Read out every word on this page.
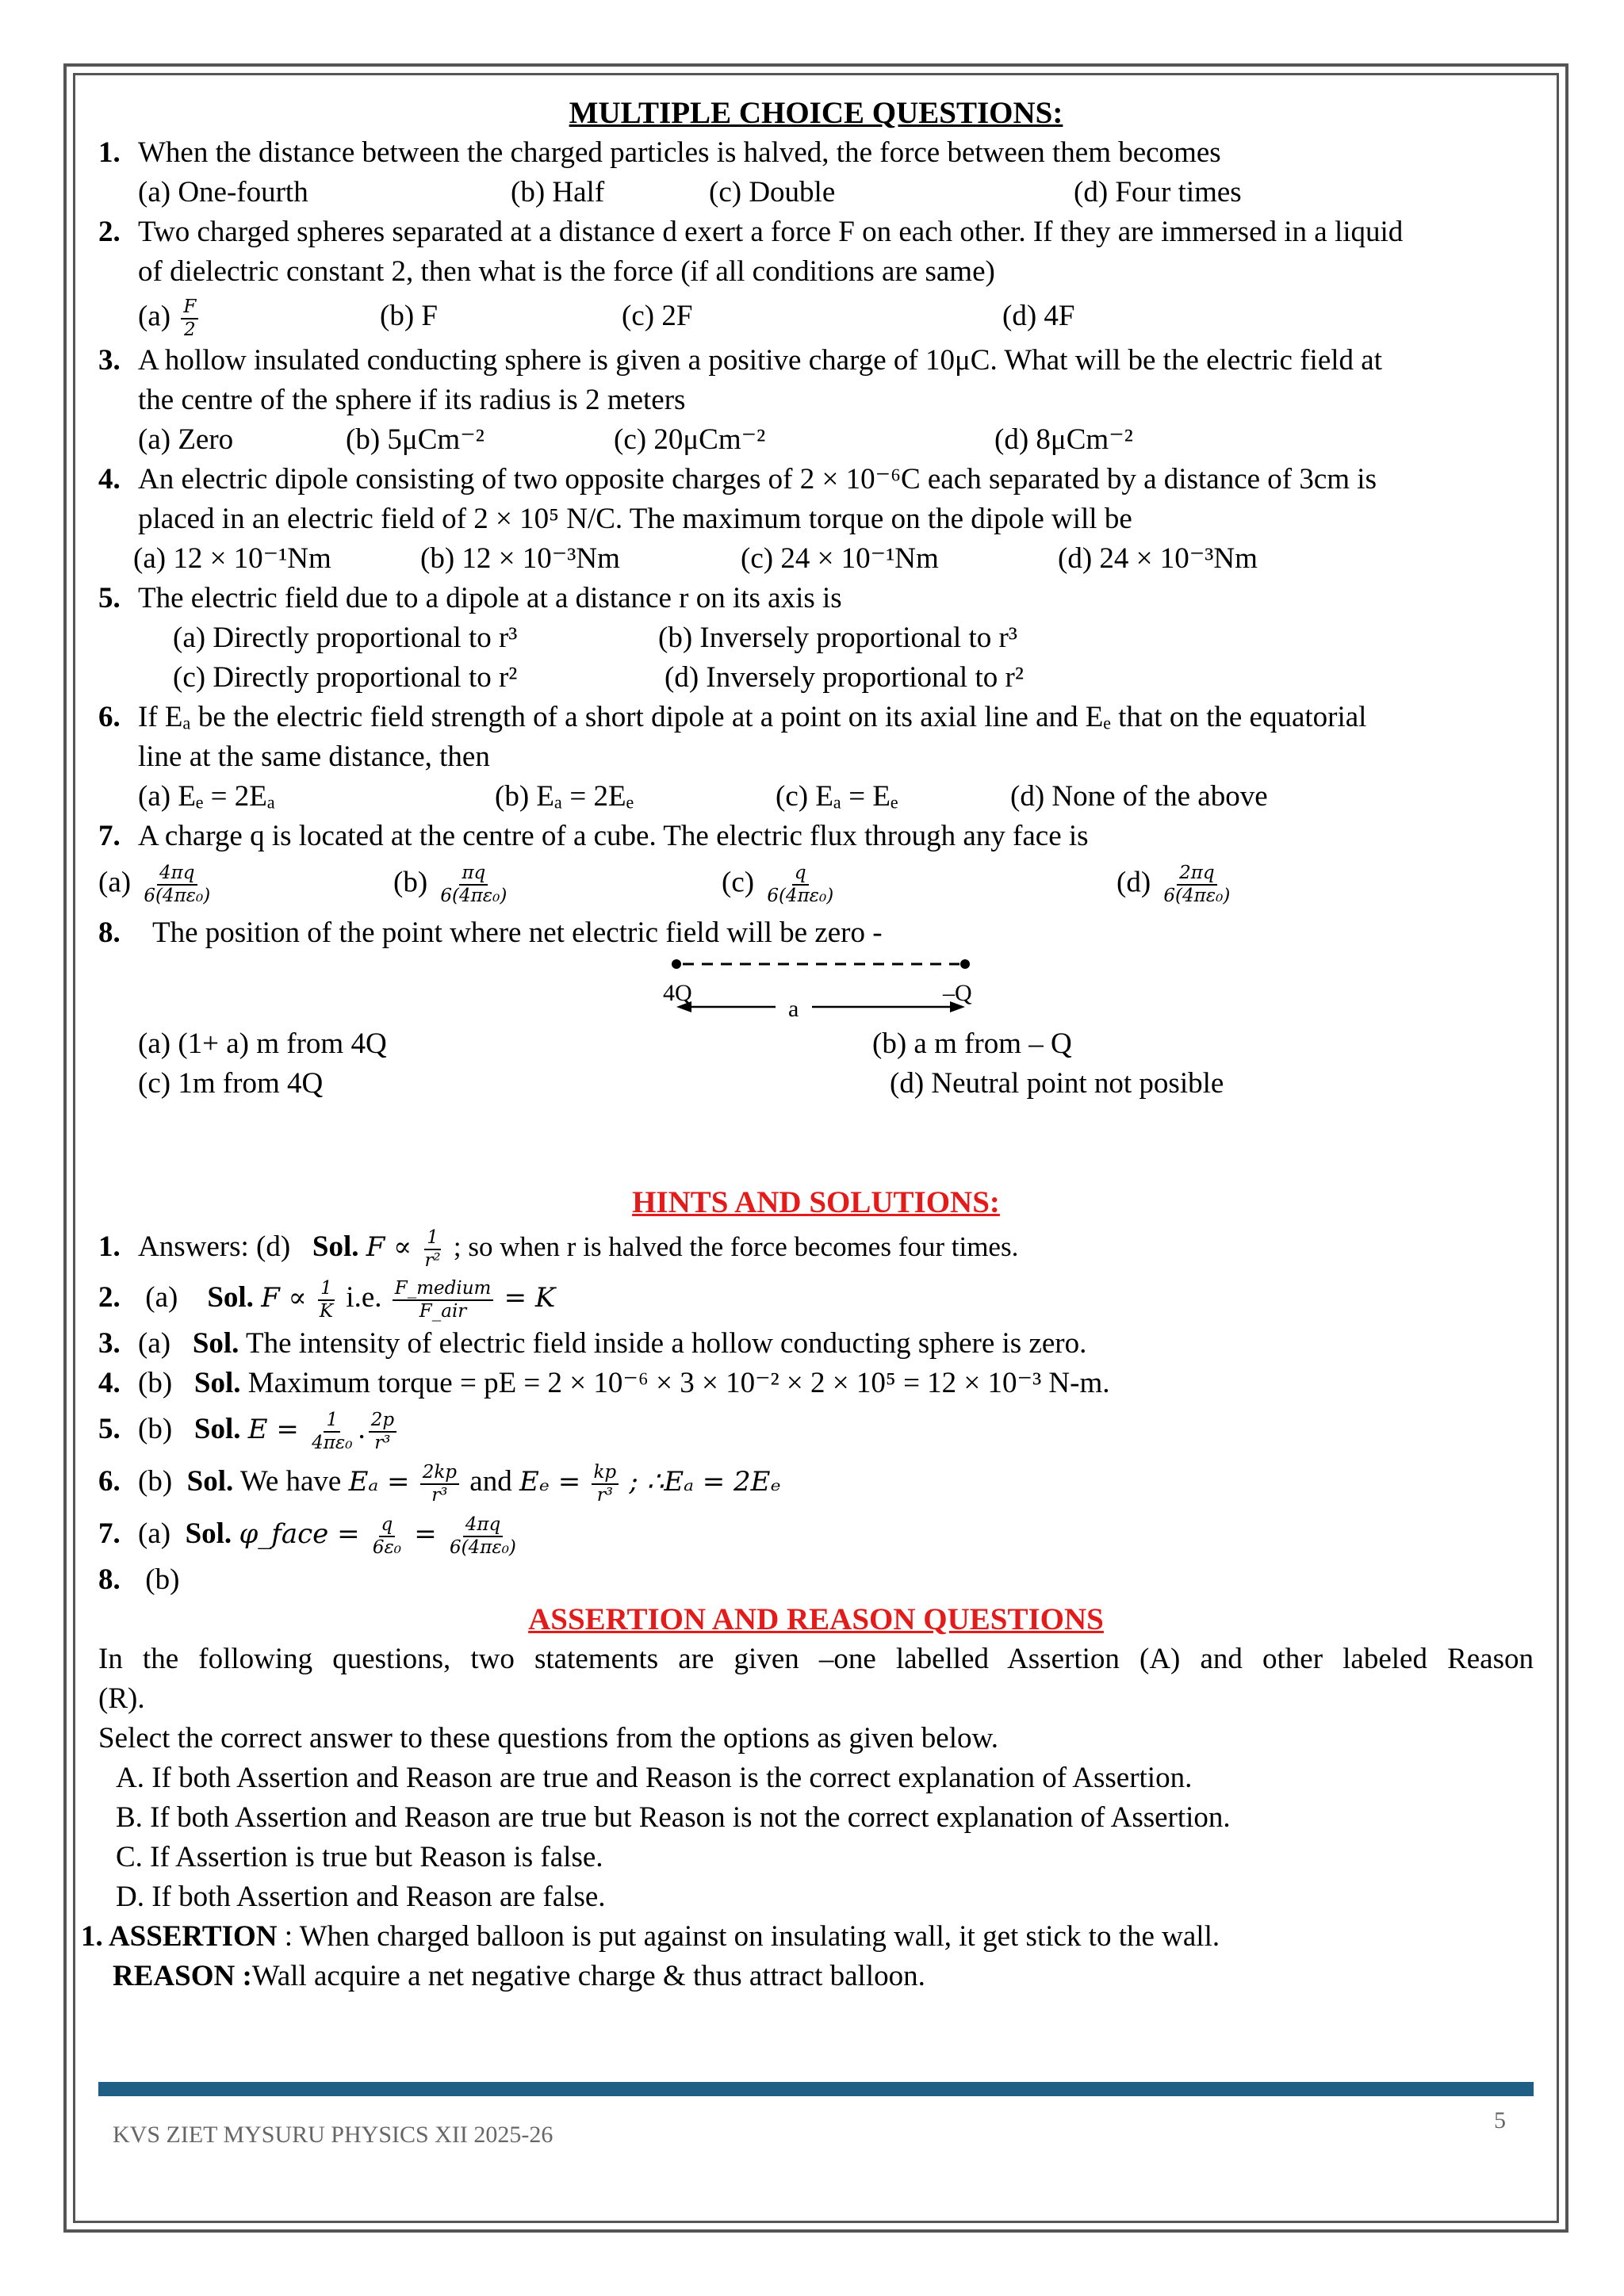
MULTIPLE CHOICE QUESTIONS:
1. When the distance between the charged particles is halved, the force between them becomes
(a) One-fourth	(b) Half	(c) Double	(d) Four times
2. Two charged spheres separated at a distance d exert a force F on each other. If they are immersed in a liquid
of dielectric constant 2, then what is the force (if all conditions are same)
$(a) \frac{F}{2}$	(b) F	(c) 2F	(d) 4F
3. A hollow insulated conducting sphere is given a positive charge of 10μC. What will be the electric field at
the centre of the sphere if its radius is 2 meters
(a) Zero	(b) 5μCm⁻²	(c) 20μCm⁻²	(d) 8μCm⁻²
4. An electric dipole consisting of two opposite charges of 2 × 10⁻⁶C each separated by a distance of 3cm is
placed in an electric field of 2 × 10⁵ N/C. The maximum torque on the dipole will be
(a) 12 × 10⁻¹Nm	(b) 12 × 10⁻³Nm	(c) 24 × 10⁻¹Nm	(d) 24 × 10⁻³Nm
5. The electric field due to a dipole at a distance r on its axis is
(a) Directly proportional to r³	(b) Inversely proportional to r³
(c) Directly proportional to r²	(d) Inversely proportional to r²
6. If Eₐ be the electric field strength of a short dipole at a point on its axial line and Eₑ that on the equatorial
line at the same distance, then
(a) Eₑ = 2Eₐ	(b) Eₐ = 2Eₑ	(c) Eₐ = Eₑ	(d) None of the above
7. A charge q is located at the centre of a cube. The electric flux through any face is
$(a) \frac{4\pi q}{\text{6(4πε₀)}}$	$(b) \frac{\pi q}{\text{6(4πε₀)}}$	$(c) \frac{q}{\text{6(4πε₀)}}$	$(d) \frac{2\pi q}{\text{6(4πε₀)}}$
8.	The position of the point where net electric field will be zero -
4Q	–Q
a
(a) (1+ a) m from 4Q	(b) a m from – Q
(c) 1m from 4Q	(d) Neutral point not posible
HINTS AND SOLUTIONS:
1. Answers: (d) Sol. $F \propto \frac{1}{\text{r²}}$ ; so when r is halved the force becomes four times.
2. (a) Sol. $F \propto \frac{1}{K} i.e$. $\frac{\text{F\_medium}}{\text{F\_air}} = K$
3. (a) Sol. The intensity of electric field inside a hollow conducting sphere is zero.
4. (b) Sol. Maximum torque = pE = 2 × 10⁻⁶ × 3 × 10⁻² × 2 × 10⁵ = 12 × 10⁻³ N-m.
5. (b) Sol. $E = \frac{1}{\text{4πε₀}}$ . $\frac{2p}{\text{r³}}$
6. (b) Sol. We have $E_a = \frac{2kp}{\text{r³}}$ and $E_e = \frac{kp}{\text{r³}}$ ; ∴Eₐ = 2Eₑ
7. (a) Sol. φ_face = $\frac{q}{\text{6ε₀}} = \frac{4\pi q}{\text{6(4πε₀)}}$
8. (b)
ASSERTION AND REASON QUESTIONS
In the following questions, two statements are given –one labelled Assertion (A) and other labeled Reason
(R).
Select the correct answer to these questions from the options as given below.
A. If both Assertion and Reason are true and Reason is the correct explanation of Assertion.
B. If both Assertion and Reason are true but Reason is not the correct explanation of Assertion.
C. If Assertion is true but Reason is false.
D. If both Assertion and Reason are false.
1. ASSERTION : When charged balloon is put against on insulating wall, it get stick to the wall.
REASON :Wall acquire a net negative charge & thus attract balloon.
KVS ZIET MYSURU PHYSICS XII 2025-26
5
